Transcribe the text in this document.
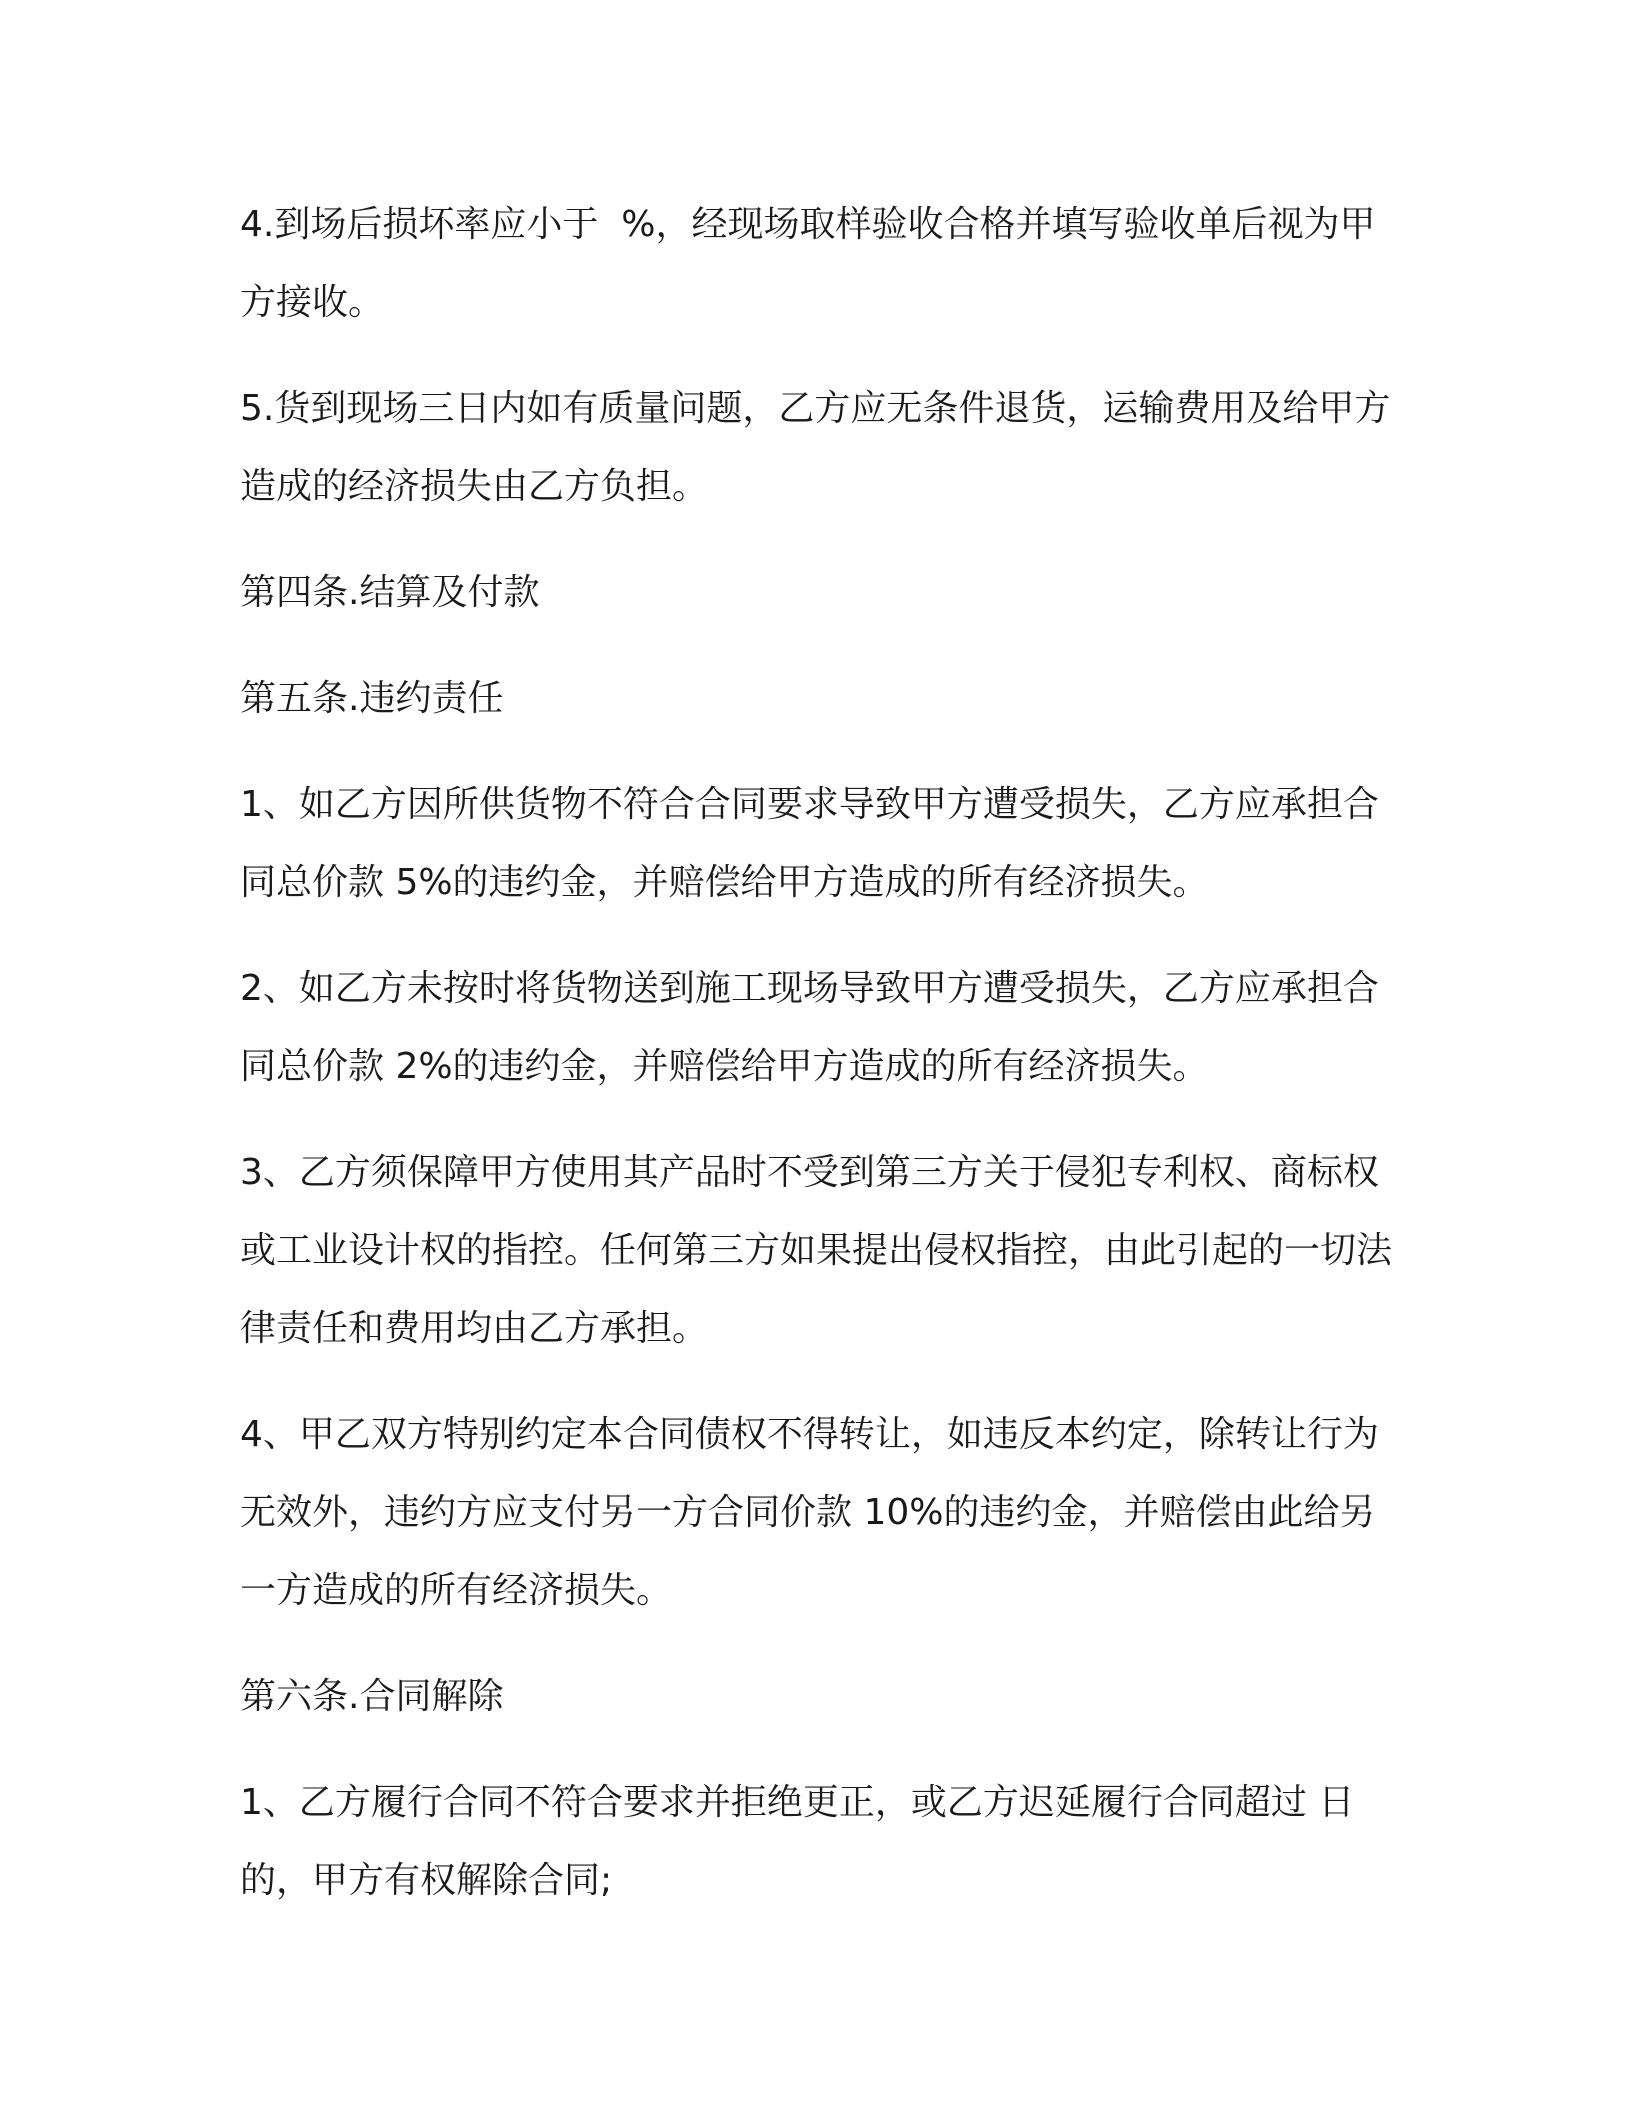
4.到场后损坏率应小于  %，经现场取样验收合格并填写验收单后视为甲方接收。

5.货到现场三日内如有质量问题，乙方应无条件退货，运输费用及给甲方造成的经济损失由乙方负担。

第四条.结算及付款

第五条.违约责任

1、如乙方因所供货物不符合合同要求导致甲方遭受损失，乙方应承担合同总价款 5%的违约金，并赔偿给甲方造成的所有经济损失。

2、如乙方未按时将货物送到施工现场导致甲方遭受损失，乙方应承担合同总价款 2%的违约金，并赔偿给甲方造成的所有经济损失。

3、乙方须保障甲方使用其产品时不受到第三方关于侵犯专利权、商标权或工业设计权的指控。任何第三方如果提出侵权指控，由此引起的一切法律责任和费用均由乙方承担。

4、甲乙双方特别约定本合同债权不得转让，如违反本约定，除转让行为无效外，违约方应支付另一方合同价款 10%的违约金，并赔偿由此给另一方造成的所有经济损失。

第六条.合同解除

1、乙方履行合同不符合要求并拒绝更正，或乙方迟延履行合同超过 日的，甲方有权解除合同;
